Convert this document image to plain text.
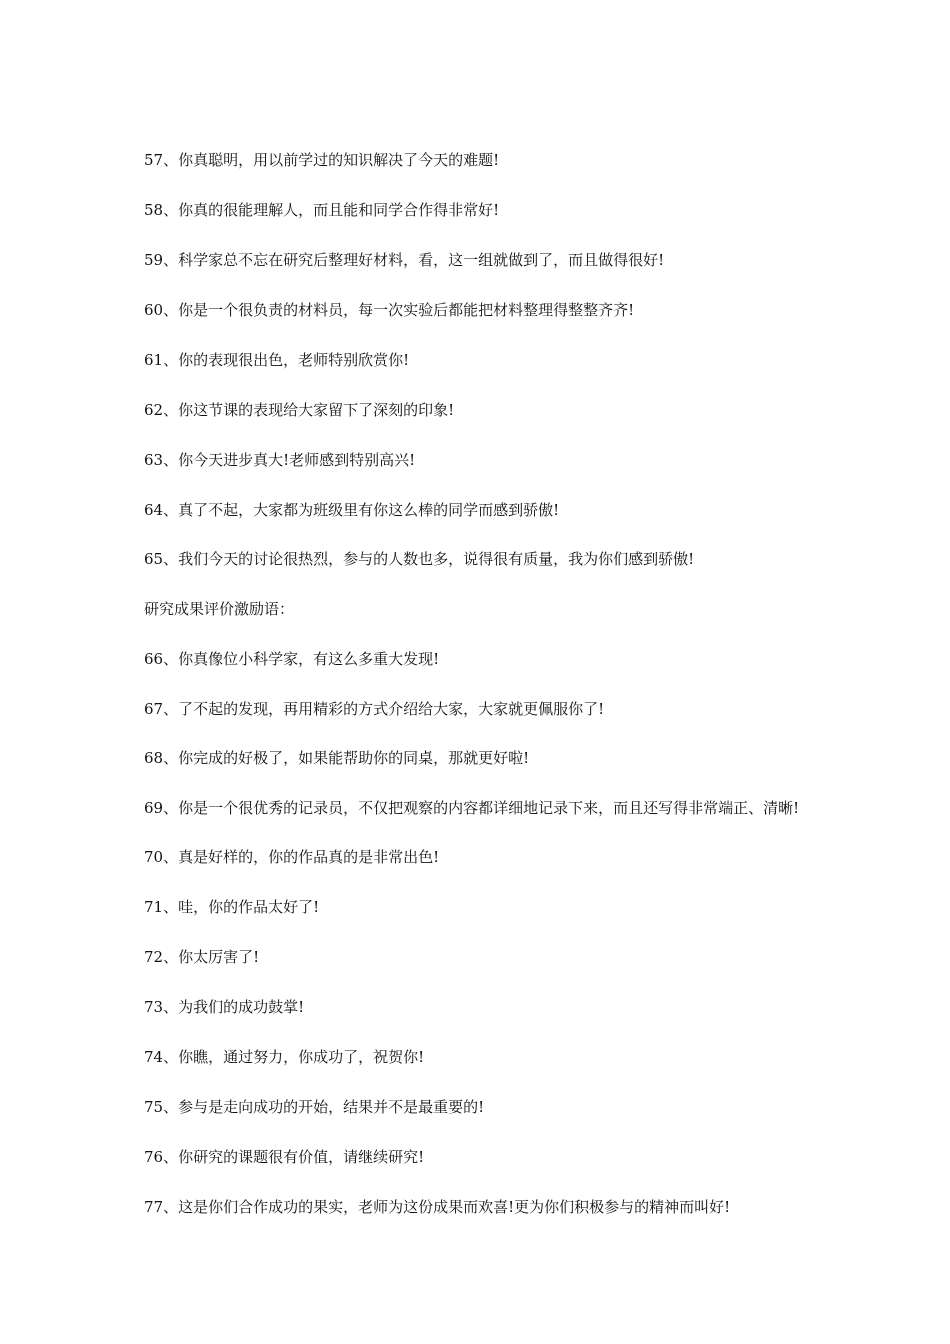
57、你真聪明，用以前学过的知识解决了今天的难题!
58、你真的很能理解人，而且能和同学合作得非常好!
59、科学家总不忘在研究后整理好材料，看，这一组就做到了，而且做得很好!
60、你是一个很负责的材料员，每一次实验后都能把材料整理得整整齐齐!
61、你的表现很出色，老师特别欣赏你!
62、你这节课的表现给大家留下了深刻的印象!
63、你今天进步真大!老师感到特别高兴!
64、真了不起，大家都为班级里有你这么棒的同学而感到骄傲!
65、我们今天的讨论很热烈，参与的人数也多，说得很有质量，我为你们感到骄傲!
研究成果评价激励语：
66、你真像位小科学家，有这么多重大发现!
67、了不起的发现，再用精彩的方式介绍给大家，大家就更佩服你了!
68、你完成的好极了，如果能帮助你的同桌，那就更好啦!
69、你是一个很优秀的记录员，不仅把观察的内容都详细地记录下来，而且还写得非常端正、清晰!
70、真是好样的，你的作品真的是非常出色!
71、哇，你的作品太好了!
72、你太厉害了!
73、为我们的成功鼓掌!
74、你瞧，通过努力，你成功了，祝贺你!
75、参与是走向成功的开始，结果并不是最重要的!
76、你研究的课题很有价值，请继续研究!
77、这是你们合作成功的果实，老师为这份成果而欢喜!更为你们积极参与的精神而叫好!
